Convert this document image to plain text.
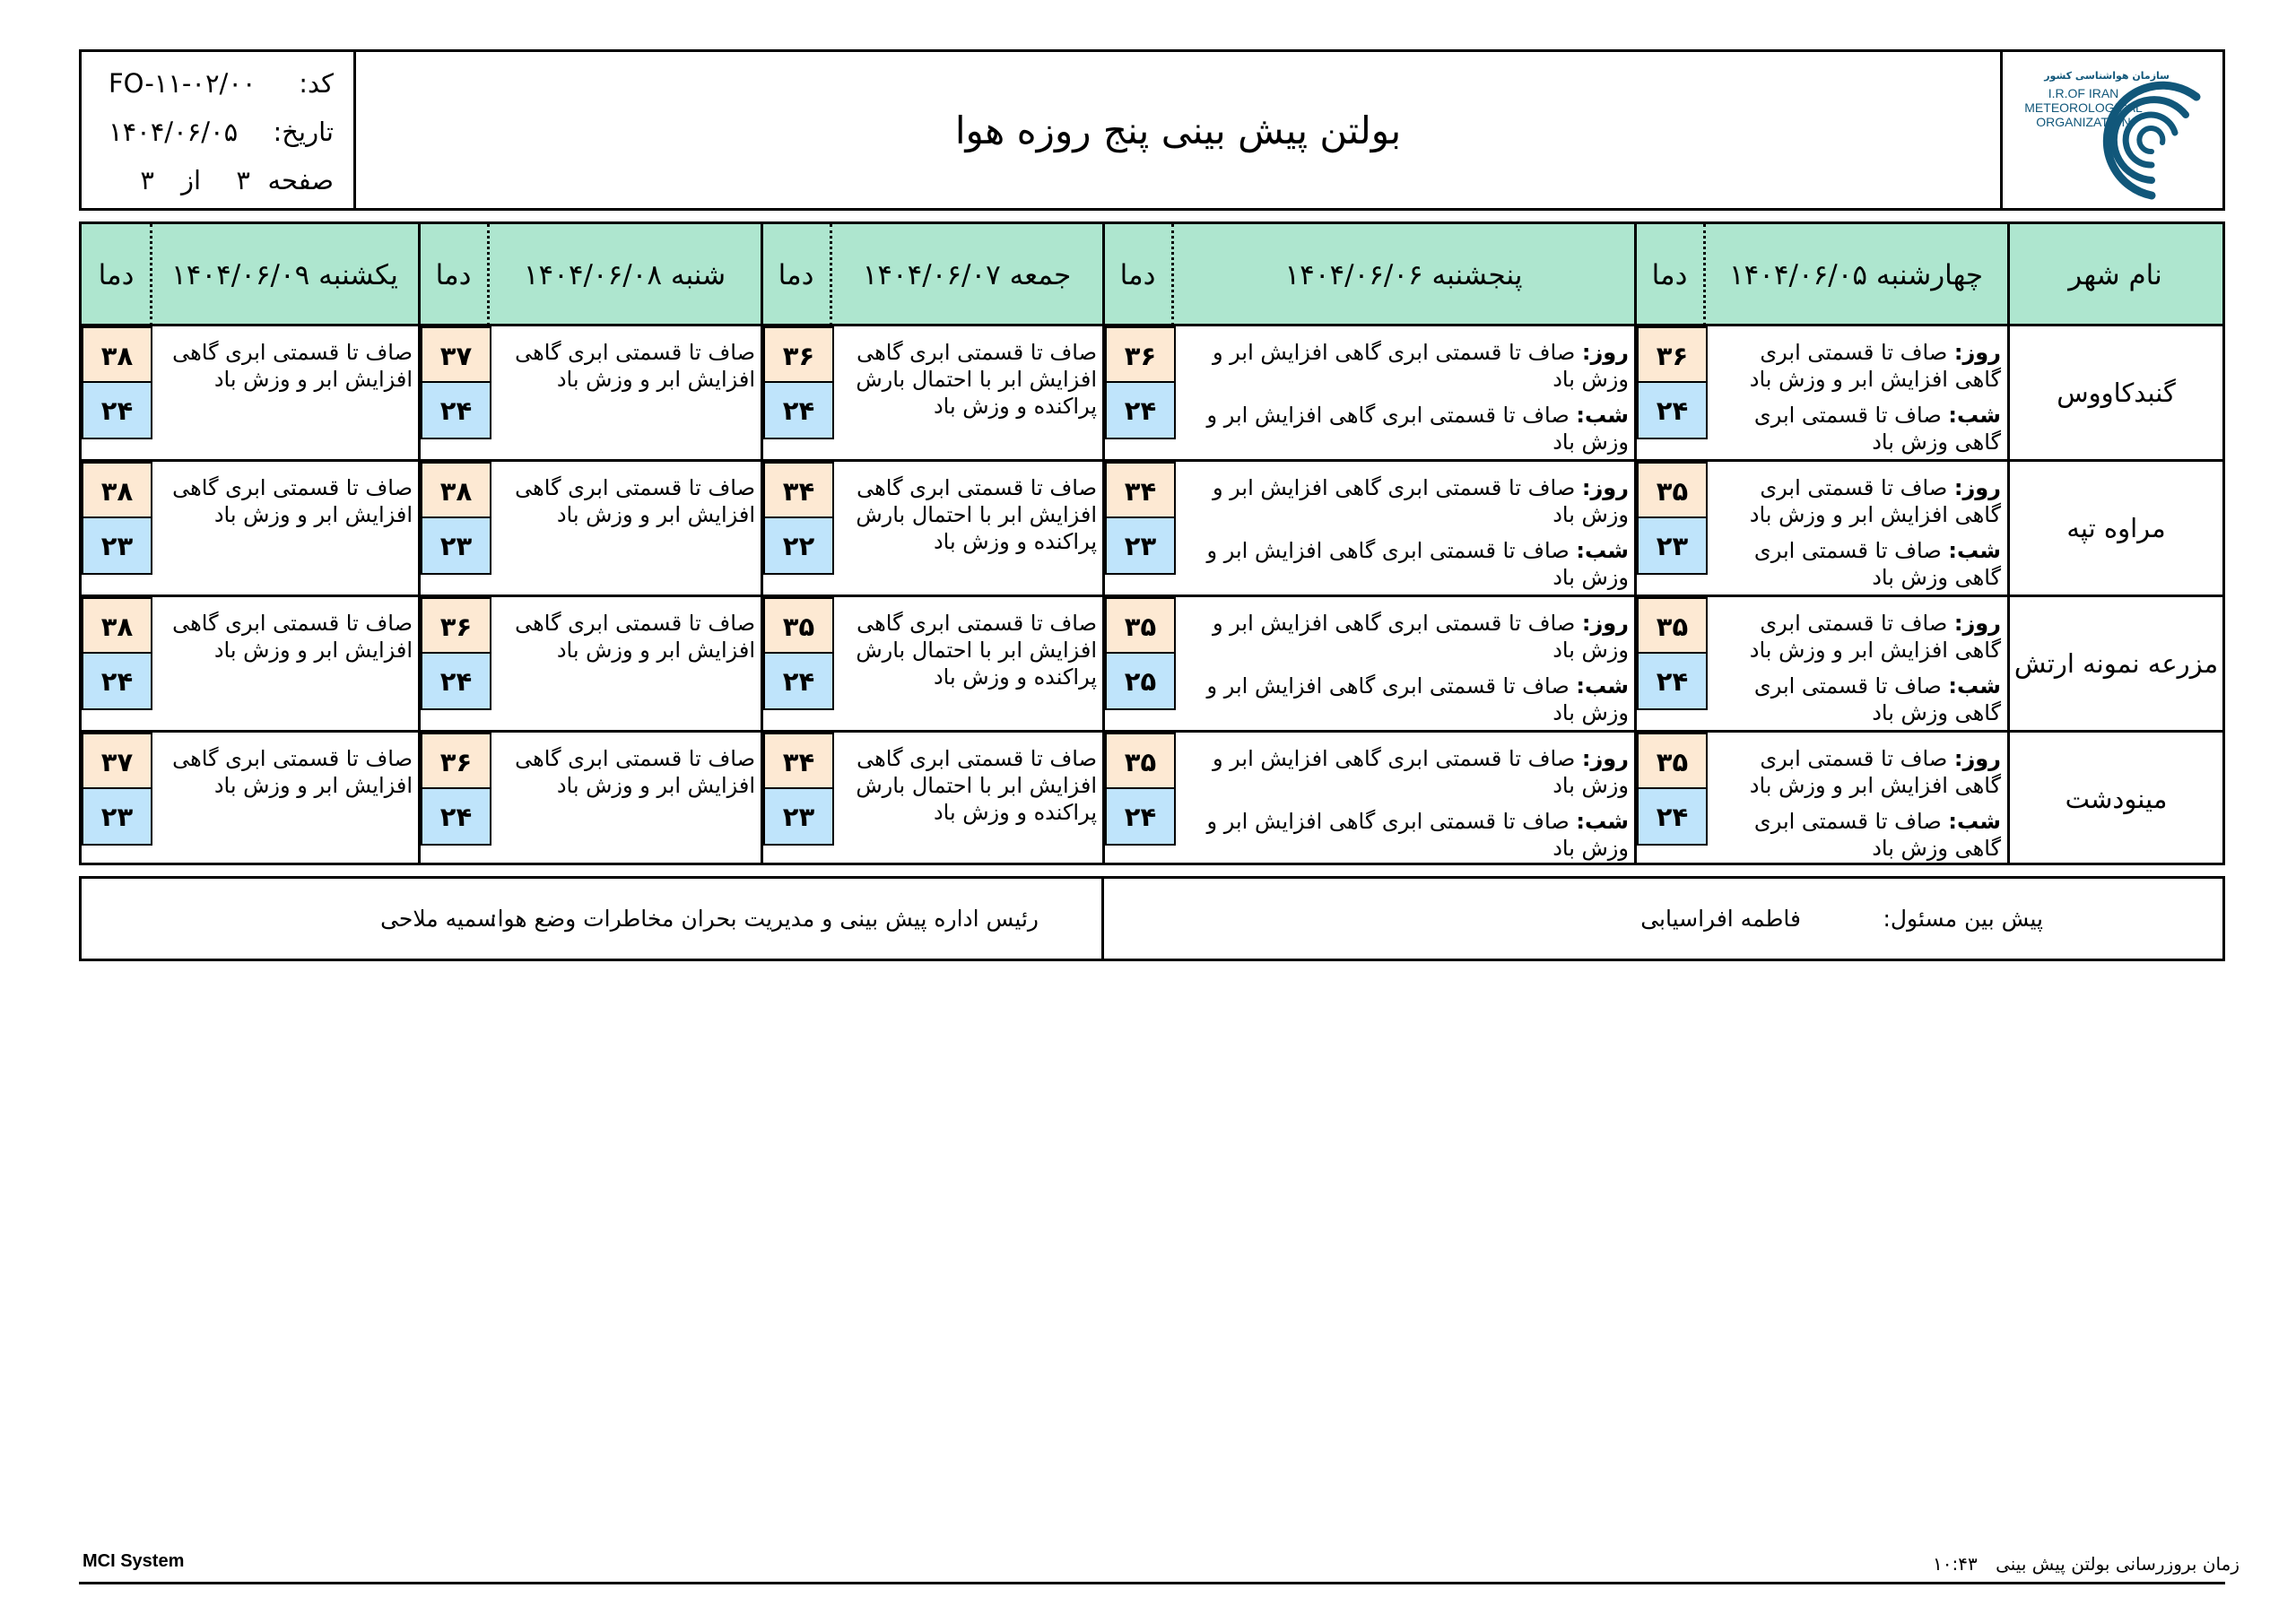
کد:
FO-۱۱-۰۲/۰۰
تاریخ:
۱۴۰۴/۰۶/۰۵
صفحه
۳
از
۳
بولتن پیش بینی پنج روزه هوا
سازمان هواشناسی کشور
I.R.OF IRAN
METEOROLOGICAL
ORGANIZATION
نام شهر
دما	چهارشنبه ۱۴۰۴/۰۶/۰۵
دما	پنجشنبه ۱۴۰۴/۰۶/۰۶
دما	جمعه ۱۴۰۴/۰۶/۰۷
دما	شنبه ۱۴۰۴/۰۶/۰۸
دما	یکشنبه ۱۴۰۴/۰۶/۰۹
گنبدکاووس
روز: صاف تا قسمتی ابری گاهی افزایش ابر و وزش باد
شب: صاف تا قسمتی ابری گاهی وزش باد
۳۶
۲۴
روز: صاف تا قسمتی ابری گاهی افزایش ابر و وزش باد
شب: صاف تا قسمتی ابری گاهی افزایش ابر و وزش باد
۳۶
۲۴
صاف تا قسمتی ابری گاهی افزایش ابر با احتمال بارش پراکنده و وزش باد
۳۶
۲۴
صاف تا قسمتی ابری گاهی افزایش ابر و وزش باد
۳۷
۲۴
صاف تا قسمتی ابری گاهی افزایش ابر و وزش باد
۳۸
۲۴
مراوه تپه
روز: صاف تا قسمتی ابری گاهی افزایش ابر و وزش باد
شب: صاف تا قسمتی ابری گاهی وزش باد
۳۵
۲۳
روز: صاف تا قسمتی ابری گاهی افزایش ابر و وزش باد
شب: صاف تا قسمتی ابری گاهی افزایش ابر و وزش باد
۳۴
۲۳
صاف تا قسمتی ابری گاهی افزایش ابر با احتمال بارش پراکنده و وزش باد
۳۴
۲۲
صاف تا قسمتی ابری گاهی افزایش ابر و وزش باد
۳۸
۲۳
صاف تا قسمتی ابری گاهی افزایش ابر و وزش باد
۳۸
۲۳
مزرعه نمونه ارتش
روز: صاف تا قسمتی ابری گاهی افزایش ابر و وزش باد
شب: صاف تا قسمتی ابری گاهی وزش باد
۳۵
۲۴
روز: صاف تا قسمتی ابری گاهی افزایش ابر و وزش باد
شب: صاف تا قسمتی ابری گاهی افزایش ابر و وزش باد
۳۵
۲۵
صاف تا قسمتی ابری گاهی افزایش ابر با احتمال بارش پراکنده و وزش باد
۳۵
۲۴
صاف تا قسمتی ابری گاهی افزایش ابر و وزش باد
۳۶
۲۴
صاف تا قسمتی ابری گاهی افزایش ابر و وزش باد
۳۸
۲۴
مینودشت
روز: صاف تا قسمتی ابری گاهی افزایش ابر و وزش باد
شب: صاف تا قسمتی ابری گاهی وزش باد
۳۵
۲۴
روز: صاف تا قسمتی ابری گاهی افزایش ابر و وزش باد
شب: صاف تا قسمتی ابری گاهی افزایش ابر و وزش باد
۳۵
۲۴
صاف تا قسمتی ابری گاهی افزایش ابر با احتمال بارش پراکنده و وزش باد
۳۴
۲۳
صاف تا قسمتی ابری گاهی افزایش ابر و وزش باد
۳۶
۲۴
صاف تا قسمتی ابری گاهی افزایش ابر و وزش باد
۳۷
۲۳
پیش بین مسئول:
فاطمه افراسیابی
رئیس اداره پیش بینی و مدیریت بحران مخاطرات وضع هوا:
سمیه ملاحی
MCI System	زمان بروزرسانی بولتن پیش بینی ۱۰:۴۳
